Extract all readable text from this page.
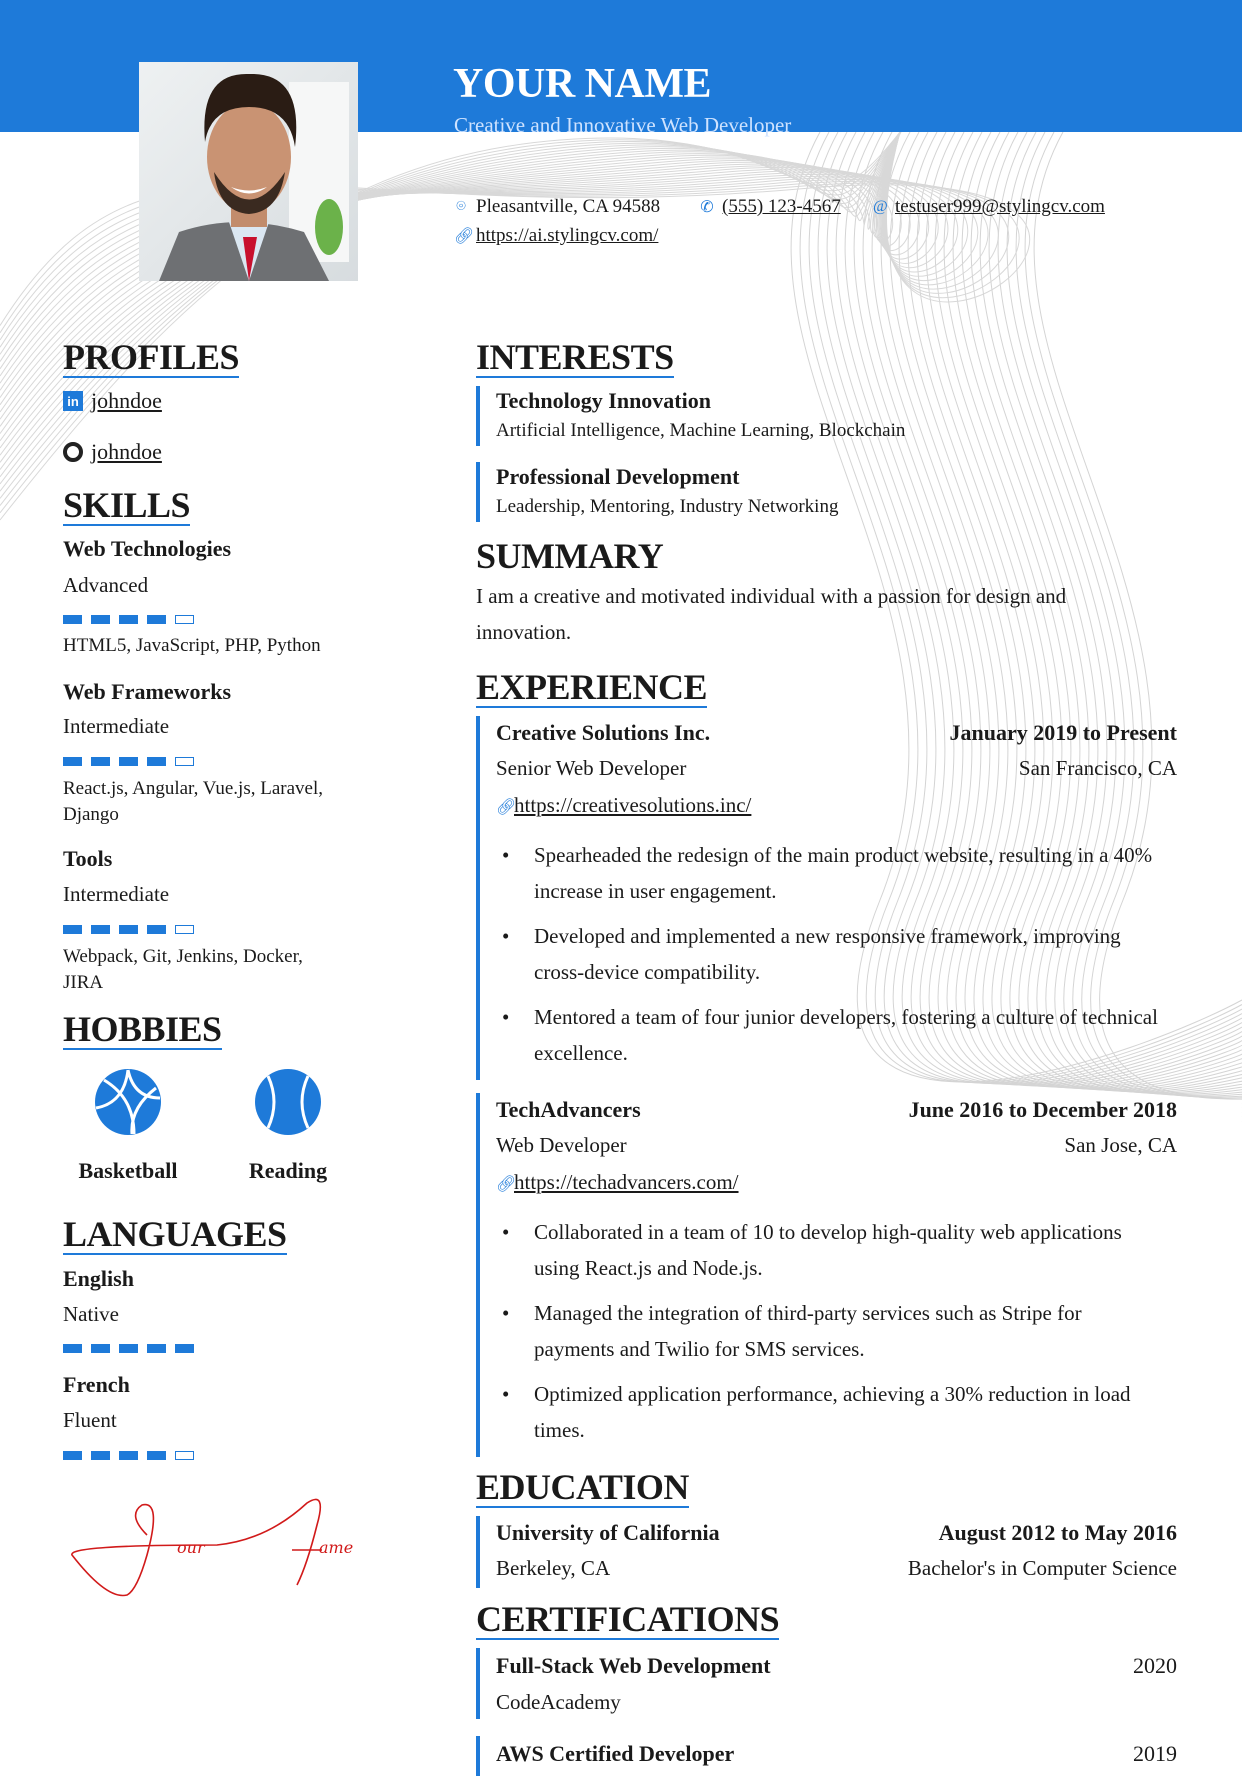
YOUR NAME
Creative and Innovative Web Developer
⌾ Pleasantville, CA 94588	✆ (555) 123-4567 @ testuser999@stylingcv.com
🔗︎ https://ai.stylingcv.com/
PROFILES
in johndoe
johndoe
SKILLS
Web Technologies
Advanced
HTML5, JavaScript, PHP, Python
Web Frameworks
Intermediate
React.js, Angular, Vue.js, Laravel,
Django
Tools
Intermediate
Webpack, Git, Jenkins, Docker,
JIRA
HOBBIES
Basketball	Reading
LANGUAGES
English
Native
French
Fluent
our	ame
INTERESTS
Technology Innovation
Artificial Intelligence, Machine Learning, Blockchain
Professional Development
Leadership, Mentoring, Industry Networking
SUMMARY
I am a creative and motivated individual with a passion for design and
innovation.
EXPERIENCE
Creative Solutions Inc.	January 2019 to Present
Senior Web Developer	San Francisco, CA
🔗︎ https://creativesolutions.inc/
• Spearheaded the redesign of the main product website, resulting in a 40% increase in user engagement.
• Developed and implemented a new responsive framework, improving cross-device compatibility.
• Mentored a team of four junior developers, fostering a culture of technical excellence.
TechAdvancers	June 2016 to December 2018
Web Developer	San Jose, CA
🔗︎ https://techadvancers.com/
• Collaborated in a team of 10 to develop high-quality web applications using React.js and Node.js.
• Managed the integration of third-party services such as Stripe for payments and Twilio for SMS services.
• Optimized application performance, achieving a 30% reduction in load times.
EDUCATION
University of California	August 2012 to May 2016
Berkeley, CA	Bachelor's in Computer Science
CERTIFICATIONS
Full-Stack Web Development	2020
CodeAcademy
AWS Certified Developer	2019
